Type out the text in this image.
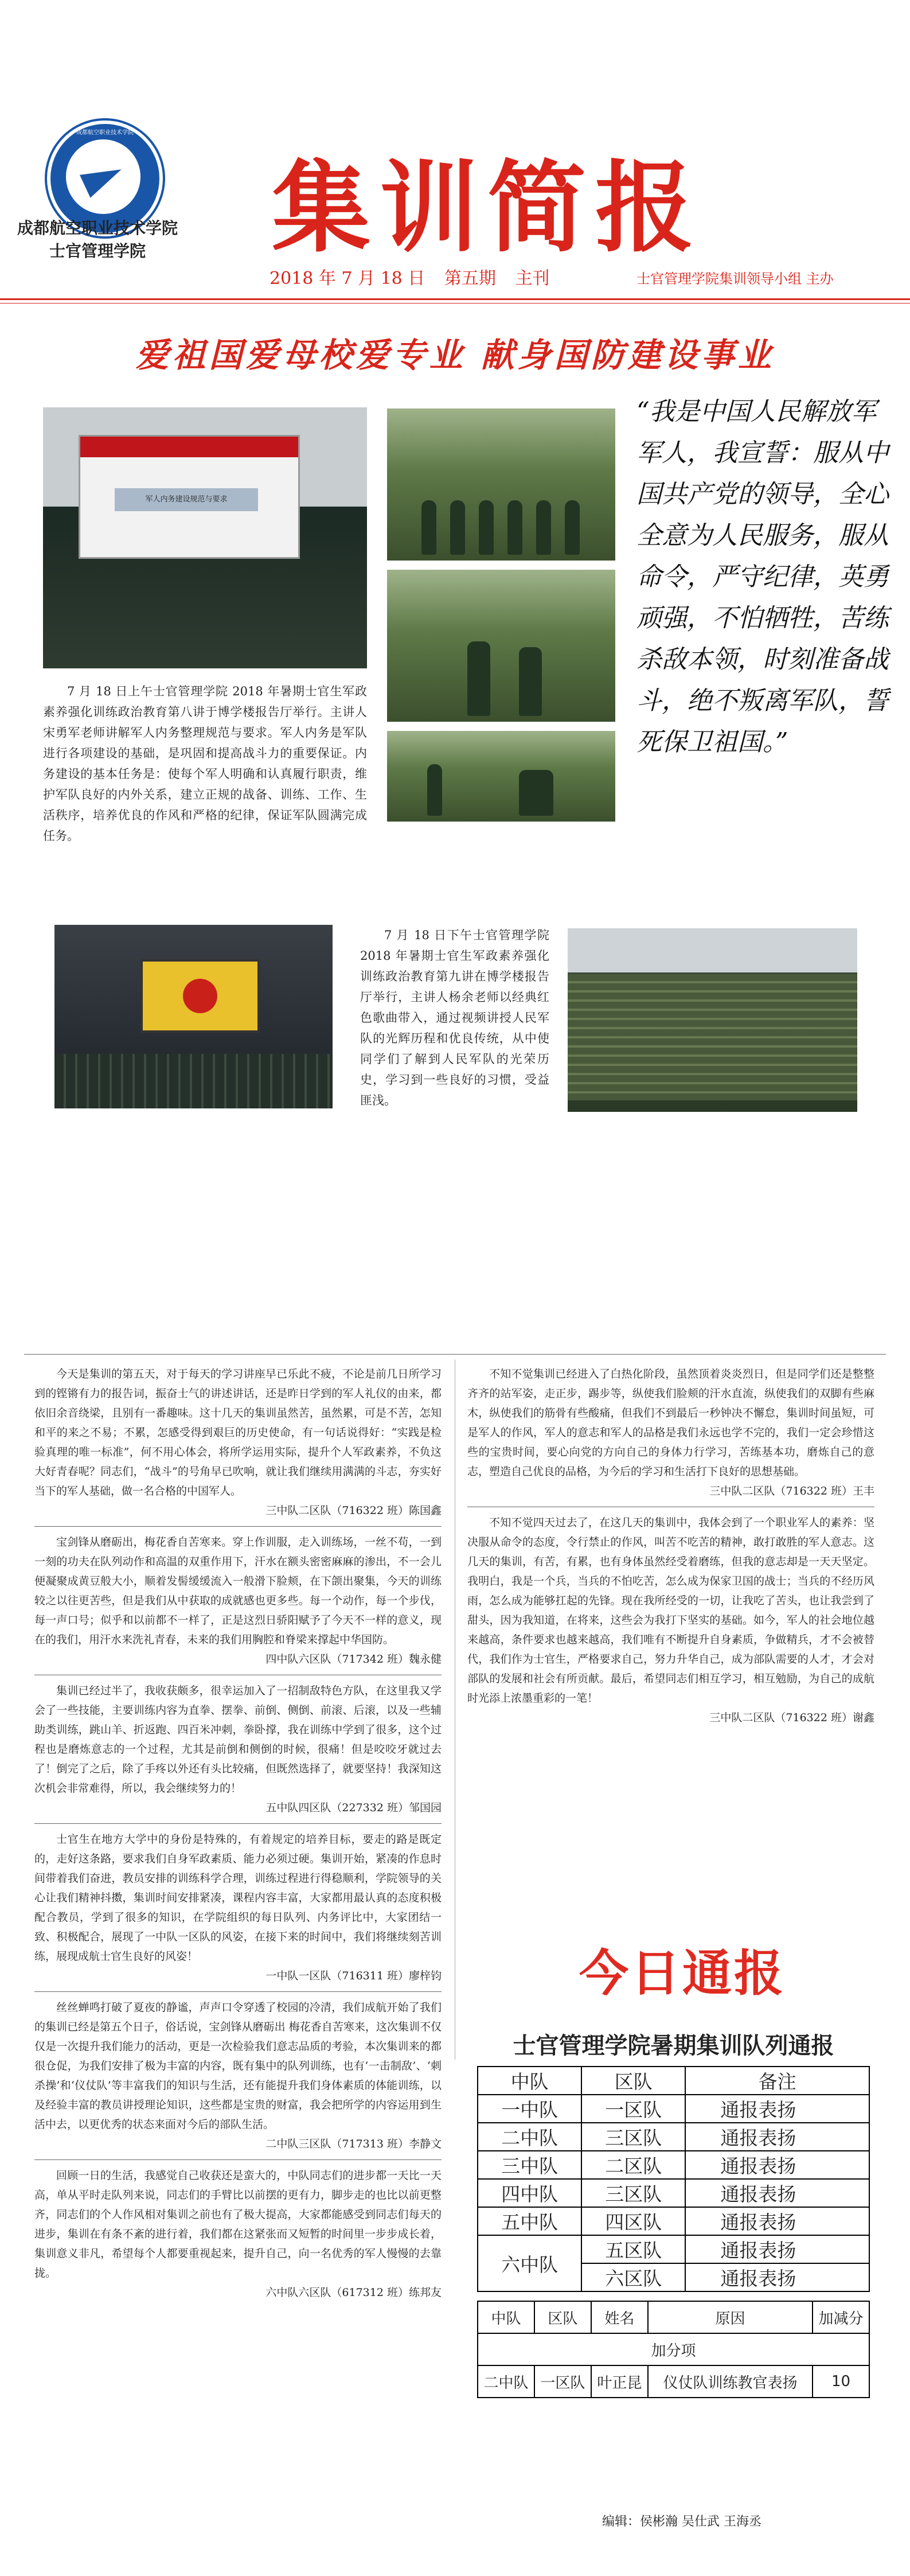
成都航空职业技术学院
成都航空职业技术学院
士官管理学院	集训简报
2018 年 7 月 18 日 第五期 主刊	士官管理学院集训领导小组 主办
爱祖国爱母校爱专业 献身国防建设事业
军人内务建设规范与要求
7 月 18 日上午士官管理学院 2018 年暑期士官生军政素养强化训练政治教育第八讲于博学楼报告厅举行。主讲人宋勇军老师讲解军人内务整理规范与要求。军人内务是军队进行各项建设的基础，是巩固和提高战斗力的重要保证。内务建设的基本任务是：使每个军人明确和认真履行职责，维护军队良好的内外关系，建立正规的战备、训练、工作、生活秩序，培养优良的作风和严格的纪律，保证军队圆满完成任务。
“我是中国人民解放军军人，我宣誓：服从中国共产党的领导，全心全意为人民服务，服从命令，严守纪律，英勇顽强，不怕牺牲，苦练杀敌本领，时刻准备战斗，绝不叛离军队，誓死保卫祖国。”
7 月 18 日下午士官管理学院 2018 年暑期士官生军政素养强化训练政治教育第九讲在博学楼报告厅举行，主讲人杨余老师以经典红色歌曲带入，通过视频讲授人民军队的光辉历程和优良传统，从中使同学们了解到人民军队的光荣历史，学习到一些良好的习惯，受益匪浅。
今天是集训的第五天，对于每天的学习讲座早已乐此不疲，不论是前几日所学习到的铿锵有力的报告词，振奋士气的讲述讲话，还是昨日学到的军人礼仪的由来，都依旧余音绕梁，且别有一番趣味。这十几天的集训虽然苦，虽然累，可是不苦，怎知和平的来之不易；不累，怎感受得到艰巨的历史使命，有一句话说得好：“实践是检验真理的唯一标准”，何不用心体会，将所学运用实际，提升个人军政素养，不负这大好青春呢？同志们，“战斗”的号角早已吹响，就让我们继续用满满的斗志，夯实好当下的军人基础，做一名合格的中国军人。
三中队二区队（716322 班）陈国鑫
宝剑锋从磨砺出，梅花香自苦寒来。穿上作训服，走入训练场，一丝不苟，一到一刻的功夫在队列动作和高温的双重作用下，汗水在额头密密麻麻的渗出，不一会儿便凝聚成黄豆般大小，顺着发髻缓缓流入一般滑下脸颊，在下颌出聚集，今天的训练较之以往更苦些，但是我们从中获取的成就感也更多些。每一个动作，每一个步伐，每一声口号；似乎和以前都不一样了，正是这烈日骄阳赋予了今天不一样的意义，现在的我们，用汗水来洗礼青春，未来的我们用胸腔和脊梁来撑起中华国防。
四中队六区队（717342 班）魏永健
集训已经过半了，我收获颇多，很幸运加入了一招制敌特色方队，在这里我又学会了一些技能，主要训练内容为直拳、摆拳、前倒、侧倒、前滚、后滚，以及一些辅助类训练，跳山羊、折返跑、四百米冲刺，拳卧撑，我在训练中学到了很多，这个过程也是磨炼意志的一个过程，尤其是前倒和侧倒的时候，很痛！但是咬咬牙就过去了！倒完了之后，除了手疼以外还有头比较痛，但既然选择了，就要坚持！我深知这次机会非常难得，所以，我会继续努力的！
五中队四区队（227332 班）邹国园
士官生在地方大学中的身份是特殊的，有着规定的培养目标，要走的路是既定的，走好这条路，要求我们自身军政素质、能力必须过硬。集训开始，紧凑的作息时间带着我们奋进，教员安排的训练科学合理，训练过程进行得稳顺利，学院领导的关心让我们精神抖擞，集训时间安排紧凑，课程内容丰富，大家都用最认真的态度积极配合教员，学到了很多的知识，在学院组织的每日队列、内务评比中，大家团结一致、积极配合，展现了一中队一区队的风姿，在接下来的时间中，我们将继续刻苦训练，展现成航士官生良好的风姿！
一中队一区队（716311 班）廖梓钧
丝丝蝉鸣打破了夏夜的静谧，声声口令穿透了校园的冷清，我们成航开始了我们的集训已经是第五个日子，俗话说，宝剑锋从磨砺出 梅花香自苦寒来，这次集训不仅仅是一次提升我们能力的活动，更是一次检验我们意志品质的考验，本次集训来的都很仓促，为我们安排了极为丰富的内容，既有集中的队列训练，也有‘一击制敌’、‘刺杀操’和‘仪仗队’等丰富我们的知识与生活，还有能提升我们身体素质的体能训练，以及经验丰富的教员讲授理论知识，这些都是宝贵的财富，我会把所学的内容运用到生活中去，以更优秀的状态来面对今后的部队生活。
二中队三区队（717313 班）李静文
回顾一日的生活，我感觉自己收获还是蛮大的，中队同志们的进步都一天比一天高，单从平时走队列来说，同志们的手臂比以前摆的更有力，脚步走的也比以前更整齐，同志们的个人作风相对集训之前也有了极大提高，大家都能感受到同志们每天的进步，集训在有条不紊的进行着，我们都在这紧张而又短暂的时间里一步步成长着，集训意义非凡，希望每个人都要重视起来，提升自己，向一名优秀的军人慢慢的去靠拢。
六中队六区队（617312 班）练邦友
不知不觉集训已经进入了白热化阶段，虽然顶着炎炎烈日，但是同学们还是整整齐齐的站军姿，走正步，踢步等，纵使我们脸颊的汗水直流，纵使我们的双脚有些麻木，纵使我们的筋骨有些酸痛，但我们不到最后一秒钟决不懈怠，集训时间虽短，可是军人的作风，军人的意志和军人的品格是我们永远也学不完的，我们一定会珍惜这些的宝贵时间，要心向党的方向自己的身体力行学习，苦练基本功，磨炼自己的意志，塑造自己优良的品格，为今后的学习和生活打下良好的思想基础。
三中队二区队（716322 班）王丰
不知不觉四天过去了，在这几天的集训中，我体会到了一个职业军人的素养：坚决服从命令的态度，令行禁止的作风，叫苦不吃苦的精神，敢打敢胜的军人意志。这几天的集训，有苦，有累，也有身体虽然经受着磨练，但我的意志却是一天天坚定。我明白，我是一个兵，当兵的不怕吃苦，怎么成为保家卫国的战士；当兵的不经历风雨，怎么成为能够扛起的先锋。现在我所经受的一切，让我吃了苦头，也让我尝到了甜头，因为我知道，在将来，这些会为我打下坚实的基础。如今，军人的社会地位越来越高，条件要求也越来越高，我们唯有不断提升自身素质，争做精兵，才不会被替代，我们作为士官生，严格要求自己，努力升华自己，成为部队需要的人才，才会对部队的发展和社会有所贡献。最后，希望同志们相互学习，相互勉励，为自己的成航时光添上浓墨重彩的一笔！
三中队二区队（716322 班）谢鑫
今日通报
士官管理学院暑期集训队列通报
中队	区队	备注
一中队	一区队	通报表扬
二中队	三区队	通报表扬
三中队	二区队	通报表扬
四中队	三区队	通报表扬
五中队	四区队	通报表扬
六中队	五区队	通报表扬
	六区队	通报表扬
中队	区队	姓名	原因	加减分
加分项				
二中队	一区队	叶正昆	仪仗队训练教官表扬	10
编辑：侯彬瀚 吴仕武 王海丞
